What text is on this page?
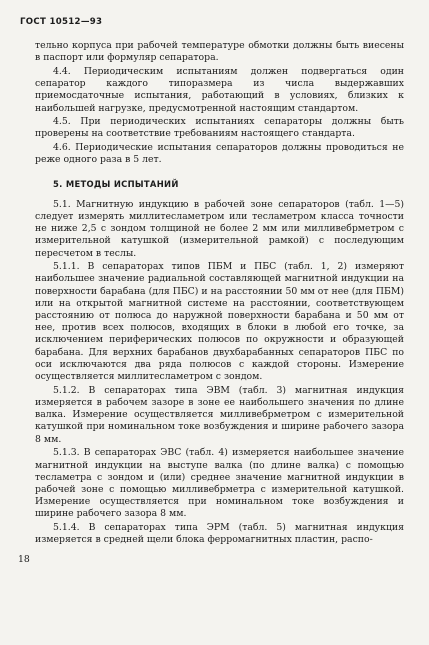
ГОСТ 10512—93

тельно корпуса при рабочей температуре обмотки должны быть виесены в паспорт или формуляр сепаратора.

4.4. Периодическим испытаниям должен подвергаться один сепаратор каждого типоразмера из числа выдержавших приемосдаточные испытания, работающий в условиях, близких к наибольшей нагрузке, предусмотренной настоящим стандартом.

4.5. При периодических испытаниях сепараторы должны быть проверены на соответствие требованиям настоящего стандарта.

4.6. Периодические испытания сепараторов должны проводиться не реже одного раза в 5 лет.

5. МЕТОДЫ ИСПЫТАНИЙ

5.1. Магнитную индукцию в рабочей зоне сепараторов (табл. 1—5) следует измерять миллитесламетром или тесламетром класса точности не ниже 2,5 с зондом толщиной не более 2 мм или милливебрметром с измерительной катушкой (измерительной рамкой) с последующим пересчетом в теслы.

5.1.1. В сепараторах типов ПБМ и ПБС (табл. 1, 2) измеряют наибольшее значение радиальной составляющей магнитной индукции на поверхности барабана (для ПБС) и на расстоянии 50 мм от нее (для ПБМ) или на открытой магнитной системе на расстоянии, соответствующем расстоянию от полюса до наружной поверхности барабана и 50 мм от нее, против всех полюсов, входящих в блоки в любой его точке, за исключением периферических полюсов по окружности и образующей барабана. Для верхних барабанов двухбарабанных сепараторов ПБС по оси исключаются два ряда полюсов с каждой стороны. Измерение осуществляется миллитесламетром с зондом.

5.1.2. В сепараторах типа ЭВМ (табл. 3) магнитная индукция измеряется в рабочем зазоре в зоне ее наибольшего значения по длине валка. Измерение осуществляется милливебрметром с измерительной катушкой при номинальном токе возбуждения и ширине рабочего зазора 8 мм.

5.1.3. В сепараторах ЭВС (табл. 4) измеряется наибольшее значение магнитной индукции на выступе валка (по длине валка) с помощью тесламетра с зондом и (или) среднее значение магнитной индукции в рабочей зоне с помощью милливебрметра с измерительной катушкой. Измерение осуществляется при номинальном токе возбуждения и ширине рабочего зазора 8 мм.

5.1.4. В сепараторах типа ЭРМ (табл. 5) магнитная индукция измеряется в средней щели блока ферромагнитных пластин, распо-

18
